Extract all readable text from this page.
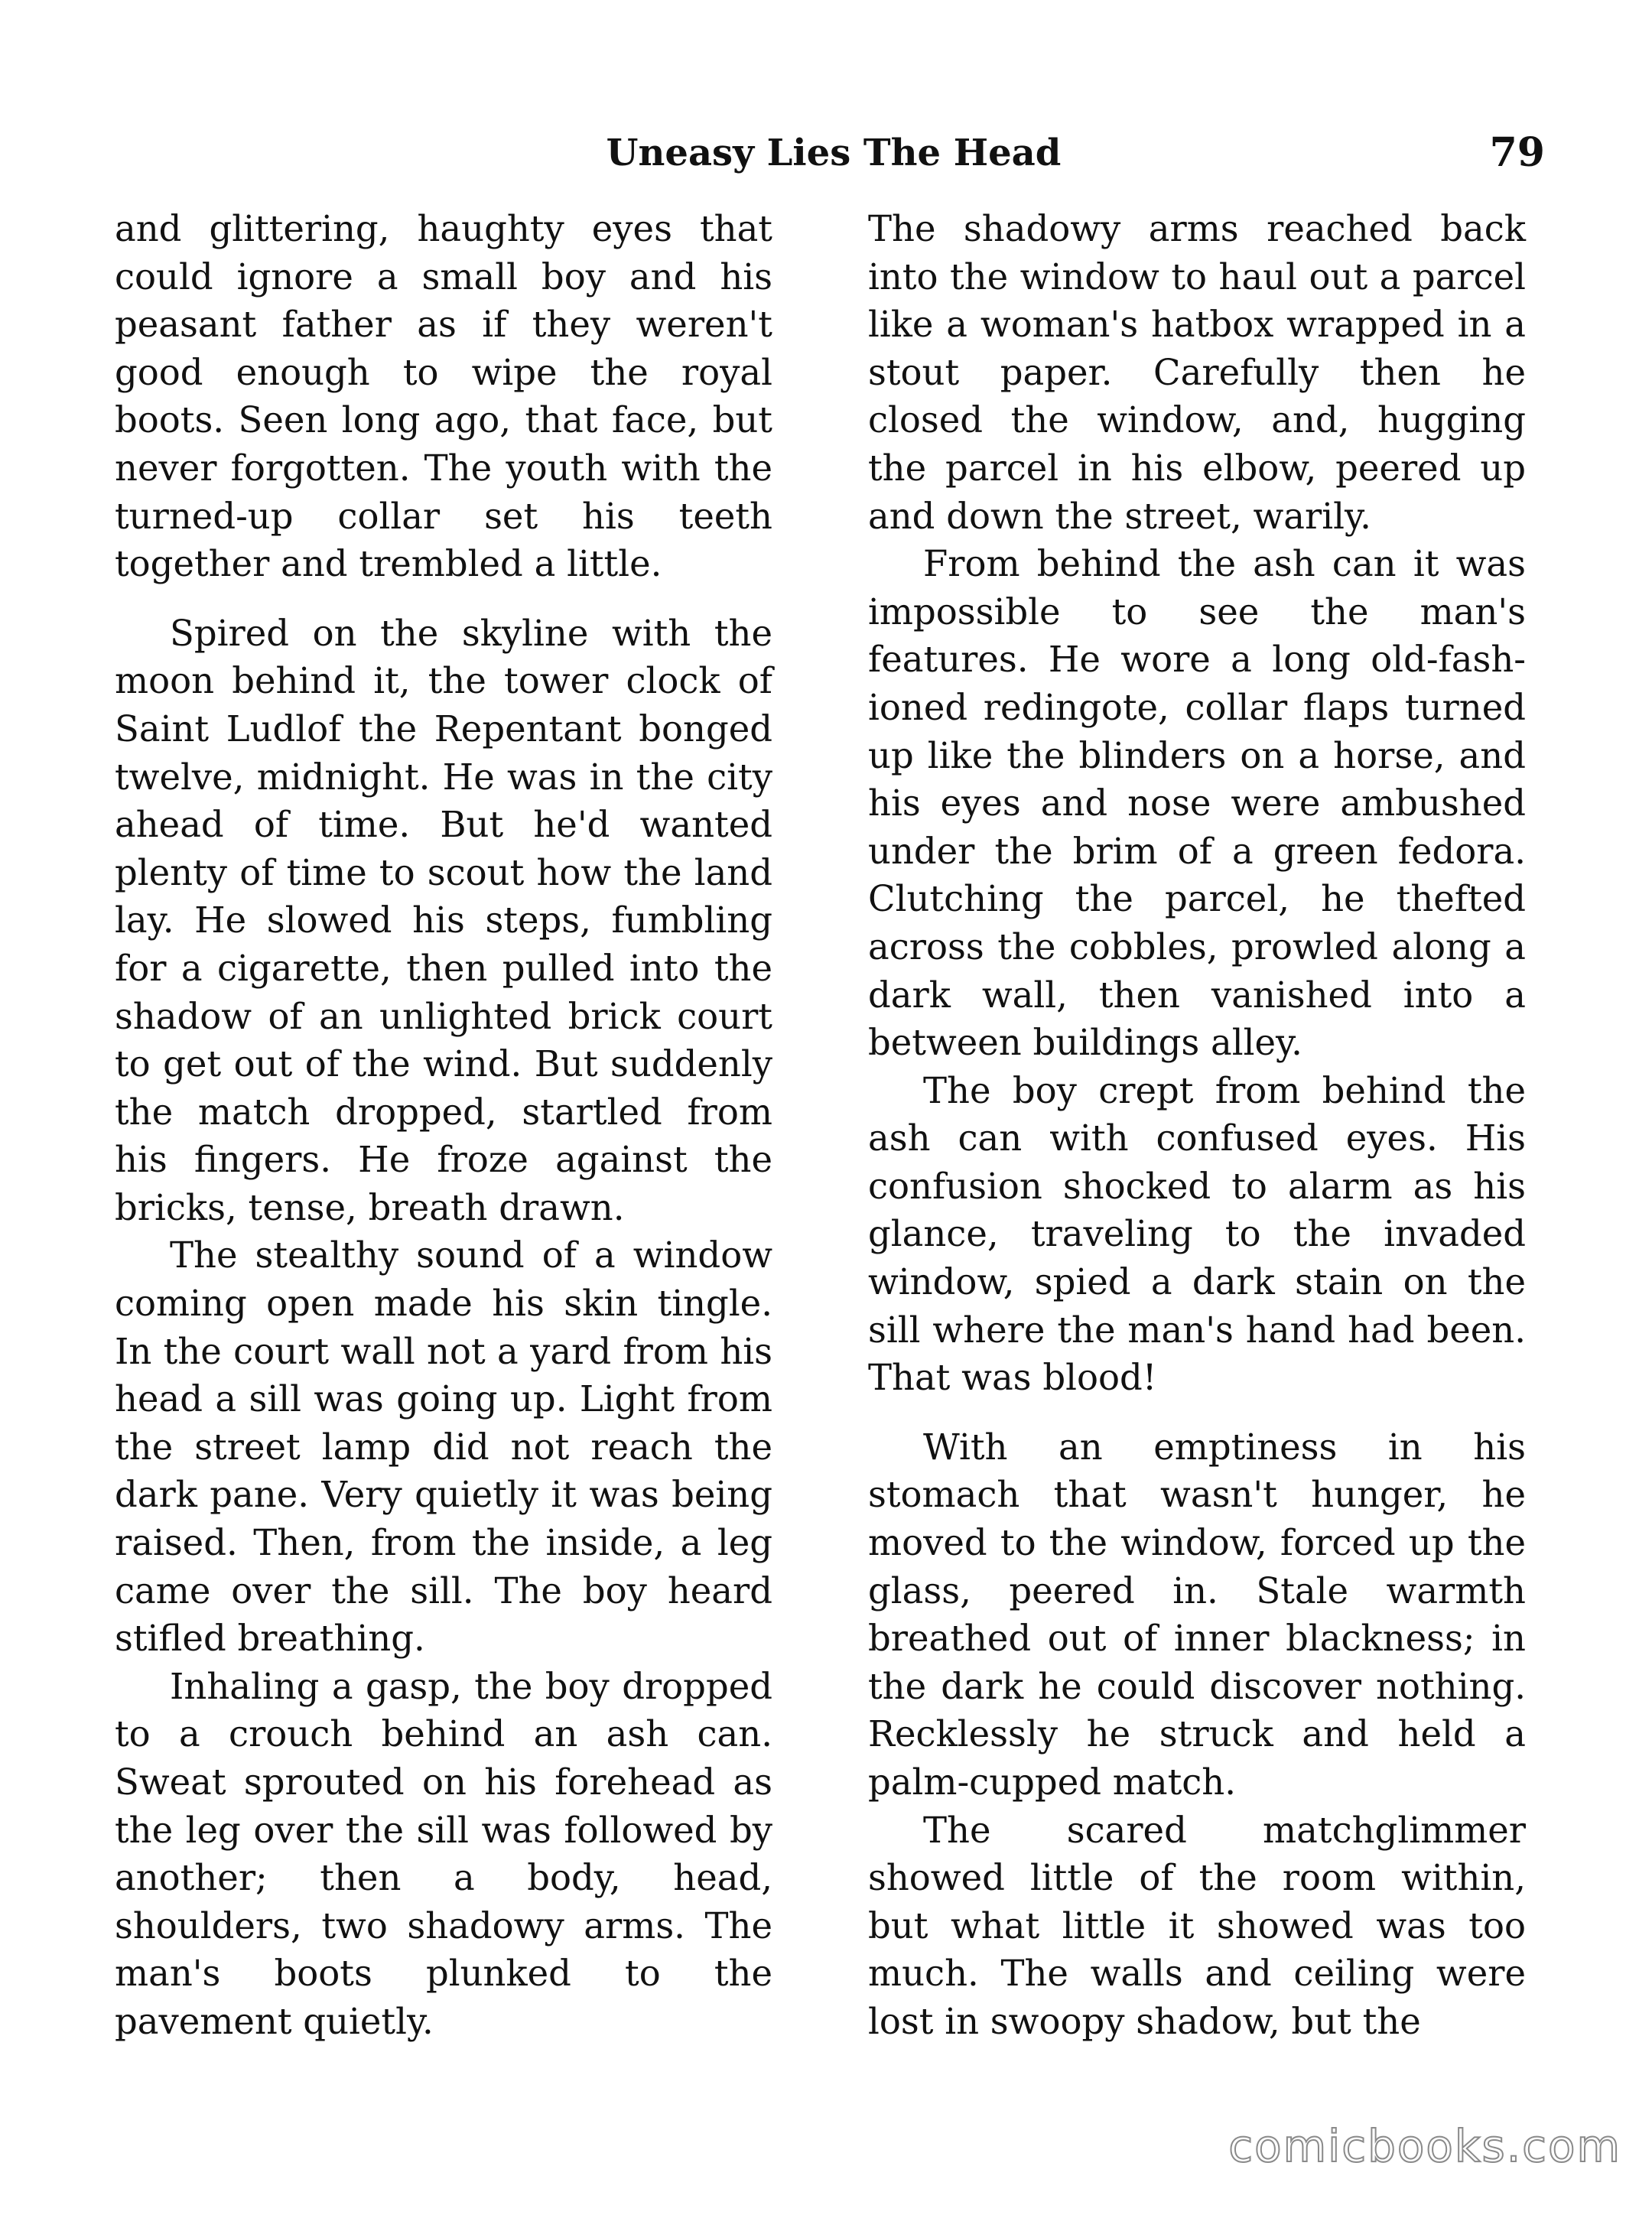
Uneasy Lies The Head	79

and glittering, haughty eyes that could ignore a small boy and his peasant father as if they weren't good enough to wipe the royal boots. Seen long ago, that face, but never forgotten. The youth with the turned-up collar set his teeth together and trembled a little.

Spired on the skyline with the moon behind it, the tower clock of Saint Ludlof the Repentant bonged twelve, midnight. He was in the city ahead of time. But he'd wanted plenty of time to scout how the land lay. He slowed his steps, fumbling for a cigarette, then pulled into the shadow of an unlighted brick court to get out of the wind. But suddenly the match dropped, startled from his fingers. He froze against the bricks, tense, breath drawn.

The stealthy sound of a window coming open made his skin tingle. In the court wall not a yard from his head a sill was going up. Light from the street lamp did not reach the dark pane. Very quietly it was being raised. Then, from the inside, a leg came over the sill. The boy heard stifled breathing.

Inhaling a gasp, the boy dropped to a crouch behind an ash can. Sweat sprouted on his forehead as the leg over the sill was followed by another; then a body, head, shoulders, two shadowy arms. The man's boots plunked to the pavement quietly.

The shadowy arms reached back into the window to haul out a parcel like a woman's hatbox wrapped in a stout paper. Carefully then he closed the window, and, hugging the parcel in his elbow, peered up and down the street, warily.

From behind the ash can it was impossible to see the man's features. He wore a long old-fashioned redingote, collar flaps turned up like the blinders on a horse, and his eyes and nose were ambushed under the brim of a green fedora. Clutching the parcel, he thefted across the cobbles, prowled along a dark wall, then vanished into a between buildings alley.

The boy crept from behind the ash can with confused eyes. His confusion shocked to alarm as his glance, traveling to the invaded window, spied a dark stain on the sill where the man's hand had been. That was blood!

With an emptiness in his stomach that wasn't hunger, he moved to the window, forced up the glass, peered in. Stale warmth breathed out of inner blackness; in the dark he could discover nothing. Recklessly he struck and held a palm-cupped match.

The scared matchglimmer showed little of the room within, but what little it showed was too much. The walls and ceiling were lost in swoopy shadow, but the

comicbooks.com
